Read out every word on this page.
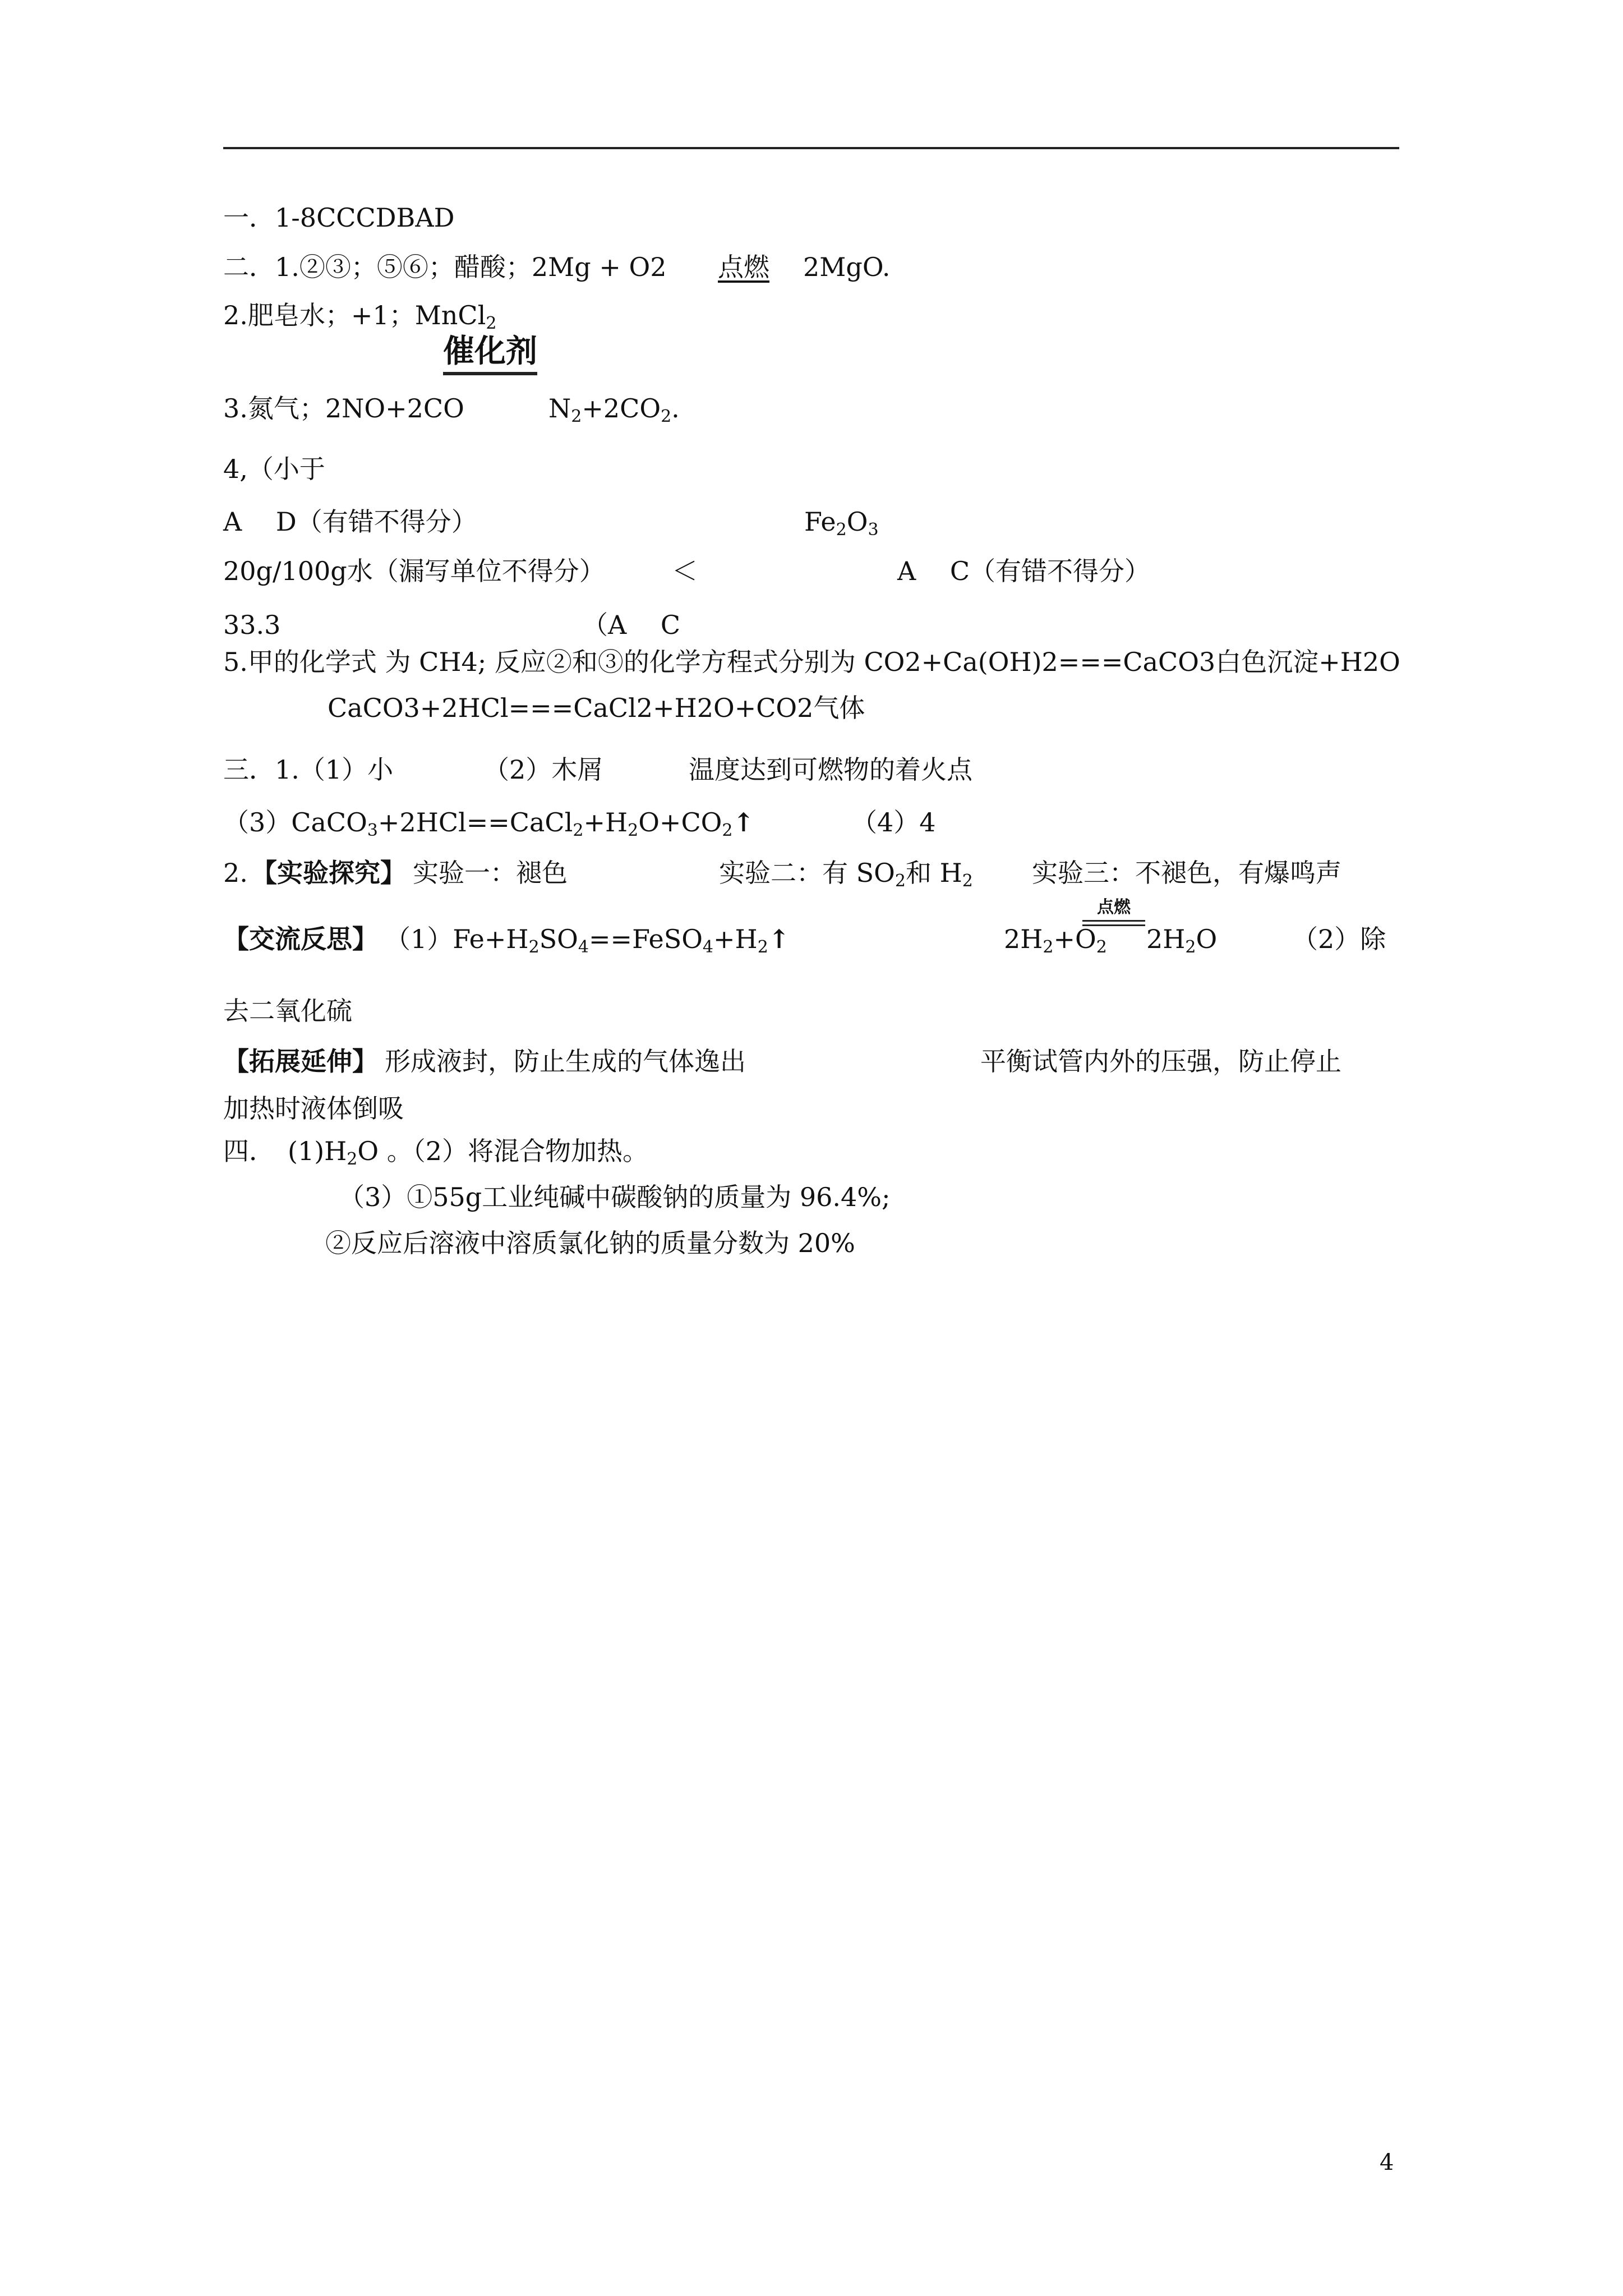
一．1-8CCCDBAD
二．1.②③；⑤⑥；醋酸；2Mg + O2 点燃 2MgO.
2.肥皂水；+1；MnCl$_2$
催化剂
3.氮气；2NO+2CO	$N_2+2CO_2$.
4,（小于
A　 D（有错不得分）	$Fe_2O_3$
20g/100g水（漏写单位不得分）	＜	A　 C（有错不得分）
33.3	（A　 C
5.甲的化学式 为 CH4; 反应②和③的化学方程式分别为 CO2+Ca(OH)2===CaCO3白色沉淀+H2O
CaCO3+2HCl===CaCl2+H2O+CO2气体
三．1.（1）小	（2）木屑	温度达到可燃物的着火点
$(3)CaCO_3+2HCl==CaCl_2+H_2O+CO_2↑$	（4）4
2. 【实验探究】 实验一：褪色	实验二：有 $SO_2$和 $H_2$ 实验三：不褪色，有爆鸣声
【交流反思】 $(1)Fe+H_2SO_4==FeSO_4+H_2↑$	$2H_2+O_2$ $2H_2O$	（2）除
点燃
去二氧化硫
【拓展延伸】 形成液封，防止生成的气体逸出	平衡试管内外的压强，防止停止
加热时液体倒吸
四．　$(1)H_2O$ 。（2）将混合物加热。
（3）①55g工业纯碱中碳酸钠的质量为 96.4%;
②反应后溶液中溶质氯化钠的质量分数为 20%
4
